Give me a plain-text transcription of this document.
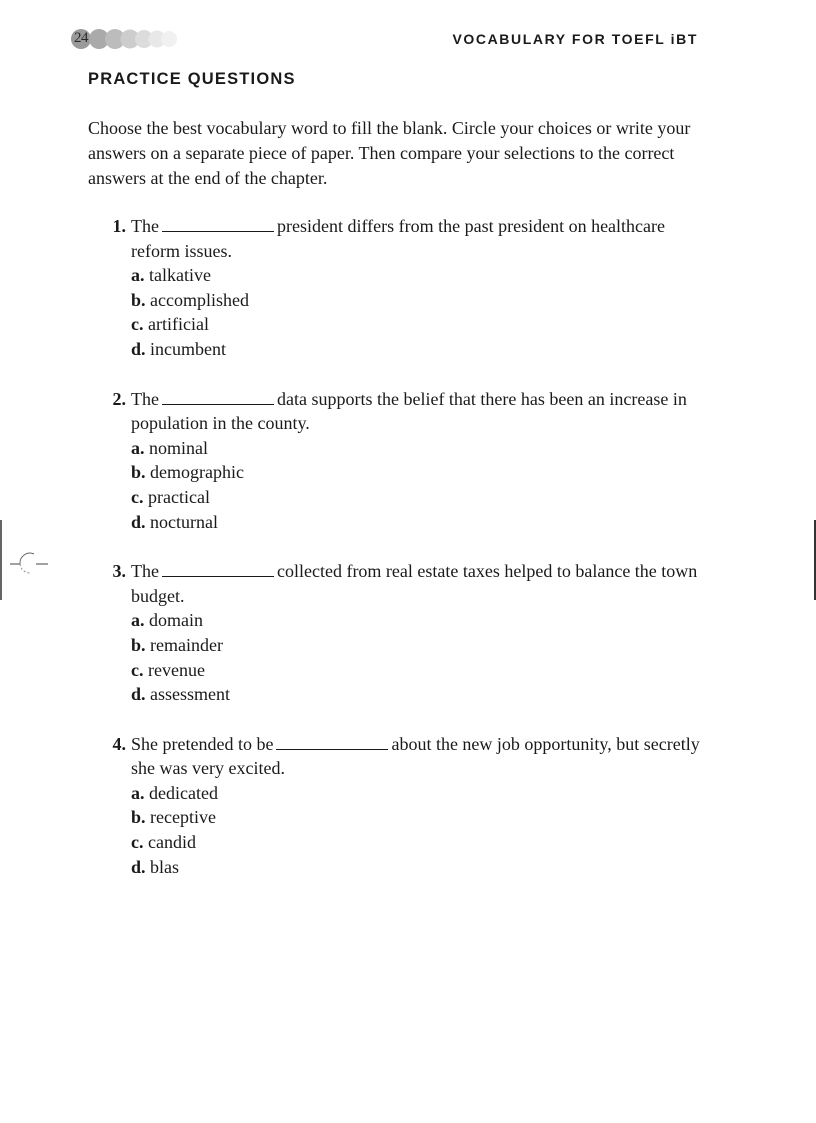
24	VOCABULARY FOR TOEFL iBT
PRACTICE QUESTIONS

Choose the best vocabulary word to fill the blank. Circle your choices or write your answers on a separate piece of paper. Then compare your selections to the correct answers at the end of the chapter.

1. The	president differs from the past president on healthcare reform issues.
a. talkative
b. accomplished
c. artificial
d. incumbent
2. The	data supports the belief that there has been an increase in population in the county.
a. nominal
b. demographic
c. practical
d. nocturnal
3. The	collected from real estate taxes helped to balance the town budget.
a. domain
b. remainder
c. revenue
d. assessment
4. She pretended to be	about the new job opportunity, but secretly she was very excited.
a. dedicated
b. receptive
c. candid
d. blas
